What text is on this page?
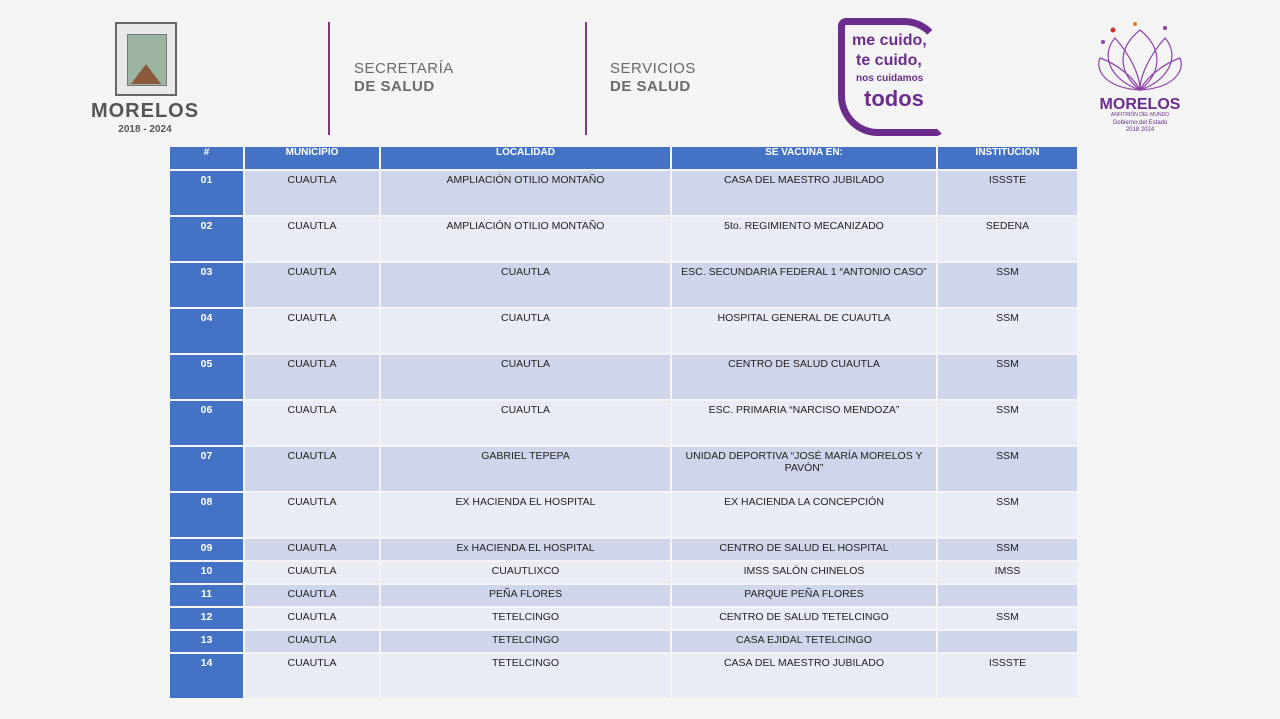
MORELOS
2018 - 2024
SECRETARÍA
DE SALUD
SERVICIOS
DE SALUD
me cuido,
te cuido,
nos cuidamos
todos	MORELOS
ANFITRIÓN DEL MUNDO
Gobierno del Estado
2018 2024
#	MUNICIPIO	LOCALIDAD	SE VACUNA EN:	INSTITUCIÓN
01	CUAUTLA	AMPLIACIÓN OTILIO MONTAÑO	CASA DEL MAESTRO JUBILADO	ISSSTE
02	CUAUTLA	AMPLIACIÓN OTILIO MONTAÑO	5to. REGIMIENTO MECANIZADO	SEDENA
03	CUAUTLA	CUAUTLA	ESC. SECUNDARIA FEDERAL 1 “ANTONIO CASO”	SSM
04	CUAUTLA	CUAUTLA	HOSPITAL GENERAL DE CUAUTLA	SSM
05	CUAUTLA	CUAUTLA	CENTRO DE SALUD CUAUTLA	SSM
06	CUAUTLA	CUAUTLA	ESC. PRIMARIA “NARCISO MENDOZA”	SSM
07	CUAUTLA	GABRIEL TEPEPA	UNIDAD DEPORTIVA “JOSÉ MARÍA MORELOS Y PAVÓN”	SSM
08	CUAUTLA	EX HACIENDA EL HOSPITAL	EX HACIENDA LA CONCEPCIÓN	SSM
09	CUAUTLA	Ex HACIENDA EL HOSPITAL	CENTRO DE SALUD EL HOSPITAL	SSM
10	CUAUTLA	CUAUTLIXCO	IMSS SALÓN CHINELOS	IMSS
11	CUAUTLA	PEÑA FLORES	PARQUE PEÑA FLORES	
12	CUAUTLA	TETELCINGO	CENTRO DE SALUD TETELCINGO	SSM
13	CUAUTLA	TETELCINGO	CASA EJIDAL TETELCINGO	
14	CUAUTLA	TETELCINGO	CASA DEL MAESTRO JUBILADO	ISSSTE
